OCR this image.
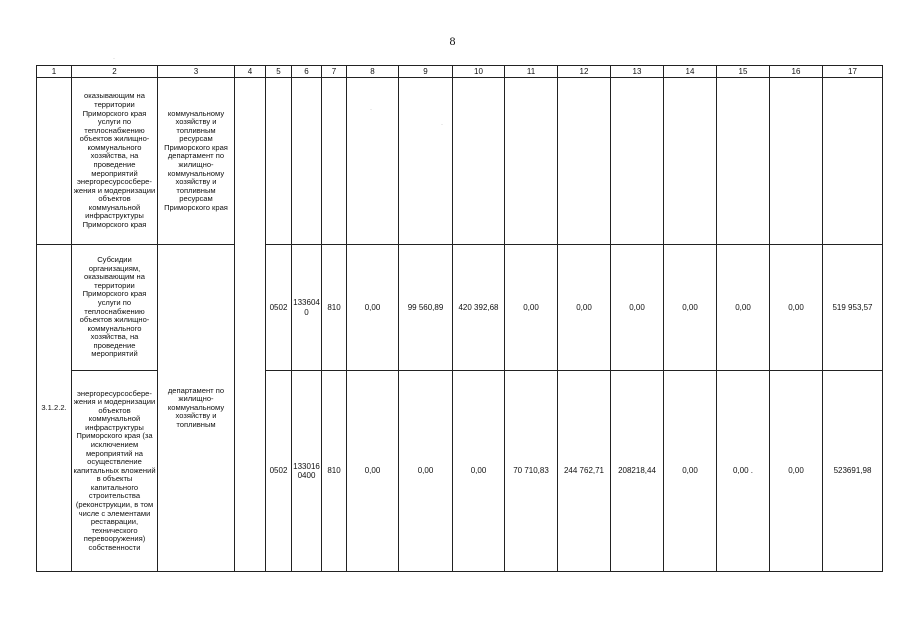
8
1	2	3	4	5	6	7	8	9	10	11	12	13	14	15	16	17
	оказывающим на территории Приморского края услуги по теплоснабжению объектов жилищно-коммунального хозяйства, на проведение мероприятий энергоресурсосбере-жения и модернизации объектов коммунальной инфраструктуры Приморского края	коммунальному хозяйству и топливным ресурсам Приморского края департамент по жилищно-коммунальному хозяйству и топливным ресурсам Приморского края														
3.1.2.2.	Субсидии организациям, оказывающим на территории Приморского края услуги по теплоснабжению объектов жилищно-коммунального хозяйства, на проведение мероприятий	департамент по жилищно-коммунальному хозяйству и топливным		0502	133604 0	810	0,00	99 560,89	420 392,68	0,00	0,00	0,00	0,00	0,00	0,00	519 953,57
	энергоресурсосбере-жения и модернизации объектов коммунальной инфраструктуры Приморского края (за исключением мероприятий на осуществление капитальных вложений в объекты капитального строительства (реконструкции, в том числе с элементами реставрации, технического перевооружения) собственности			0502	133016 0400	810	0,00	0,00	0,00	70 710,83	244 762,71	208218,44	0,00	0,00 .	0,00	523691,98
·
·
·
